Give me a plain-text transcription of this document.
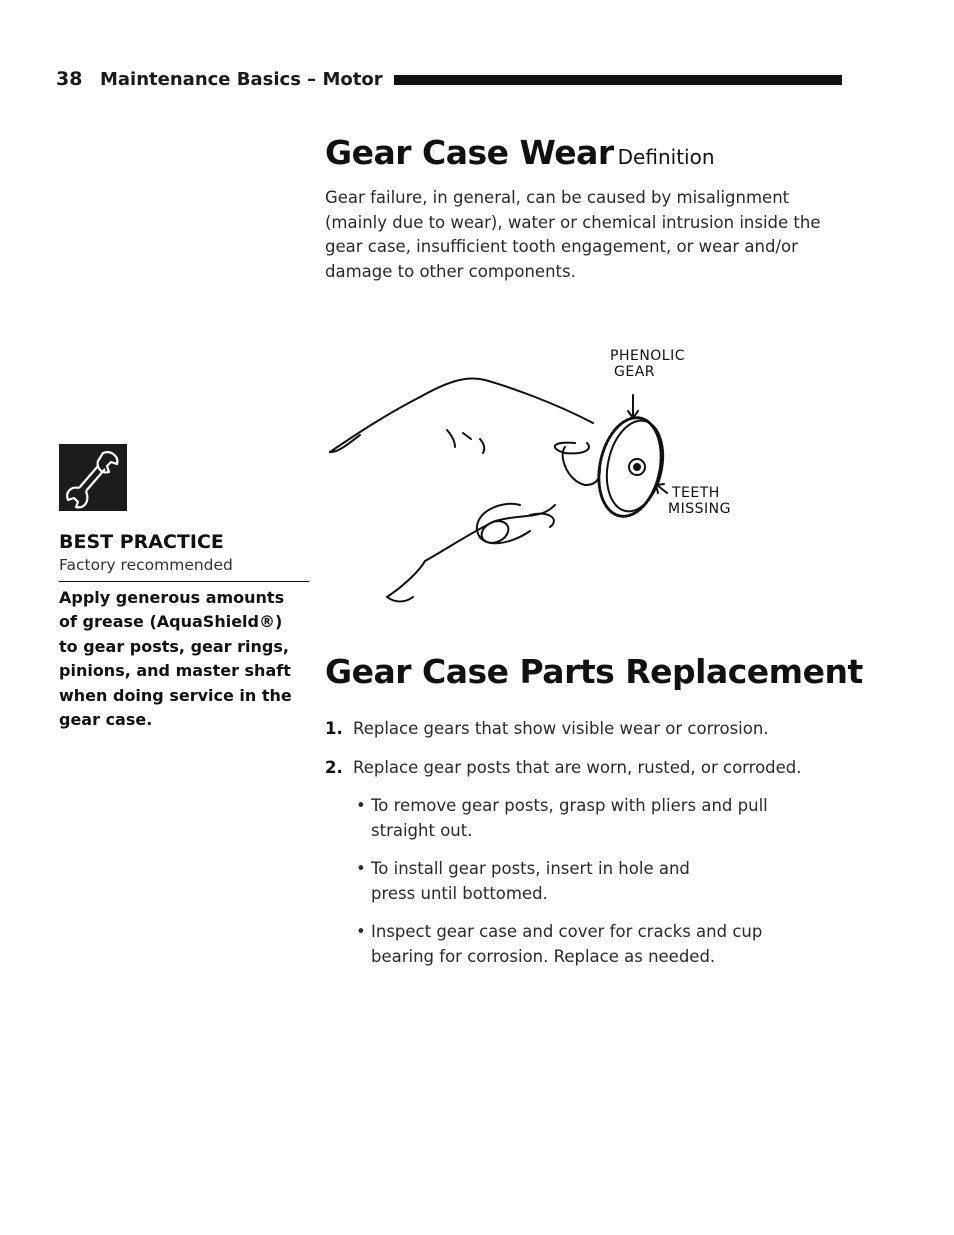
38 Maintenance Basics – Motor
Gear Case Wear Definition
Gear failure, in general, can be caused by misalignment (mainly due to wear), water or chemical intrusion inside the gear case, insufficient tooth engagement, or wear and/or damage to other components.
PHENOLIC
GEAR
TEETH
MISSING
BEST PRACTICE
Factory recommended
Apply generous amounts of grease (AquaShield®) to gear posts, gear rings, pinions, and master shaft when doing service in the gear case.
Gear Case Parts Replacement
1. Replace gears that show visible wear or corrosion.
2. Replace gear posts that are worn, rusted, or corroded.
• To remove gear posts, grasp with pliers and pull straight out.
• To install gear posts, insert in hole and press until bottomed.
• Inspect gear case and cover for cracks and cup bearing for corrosion. Replace as needed.
